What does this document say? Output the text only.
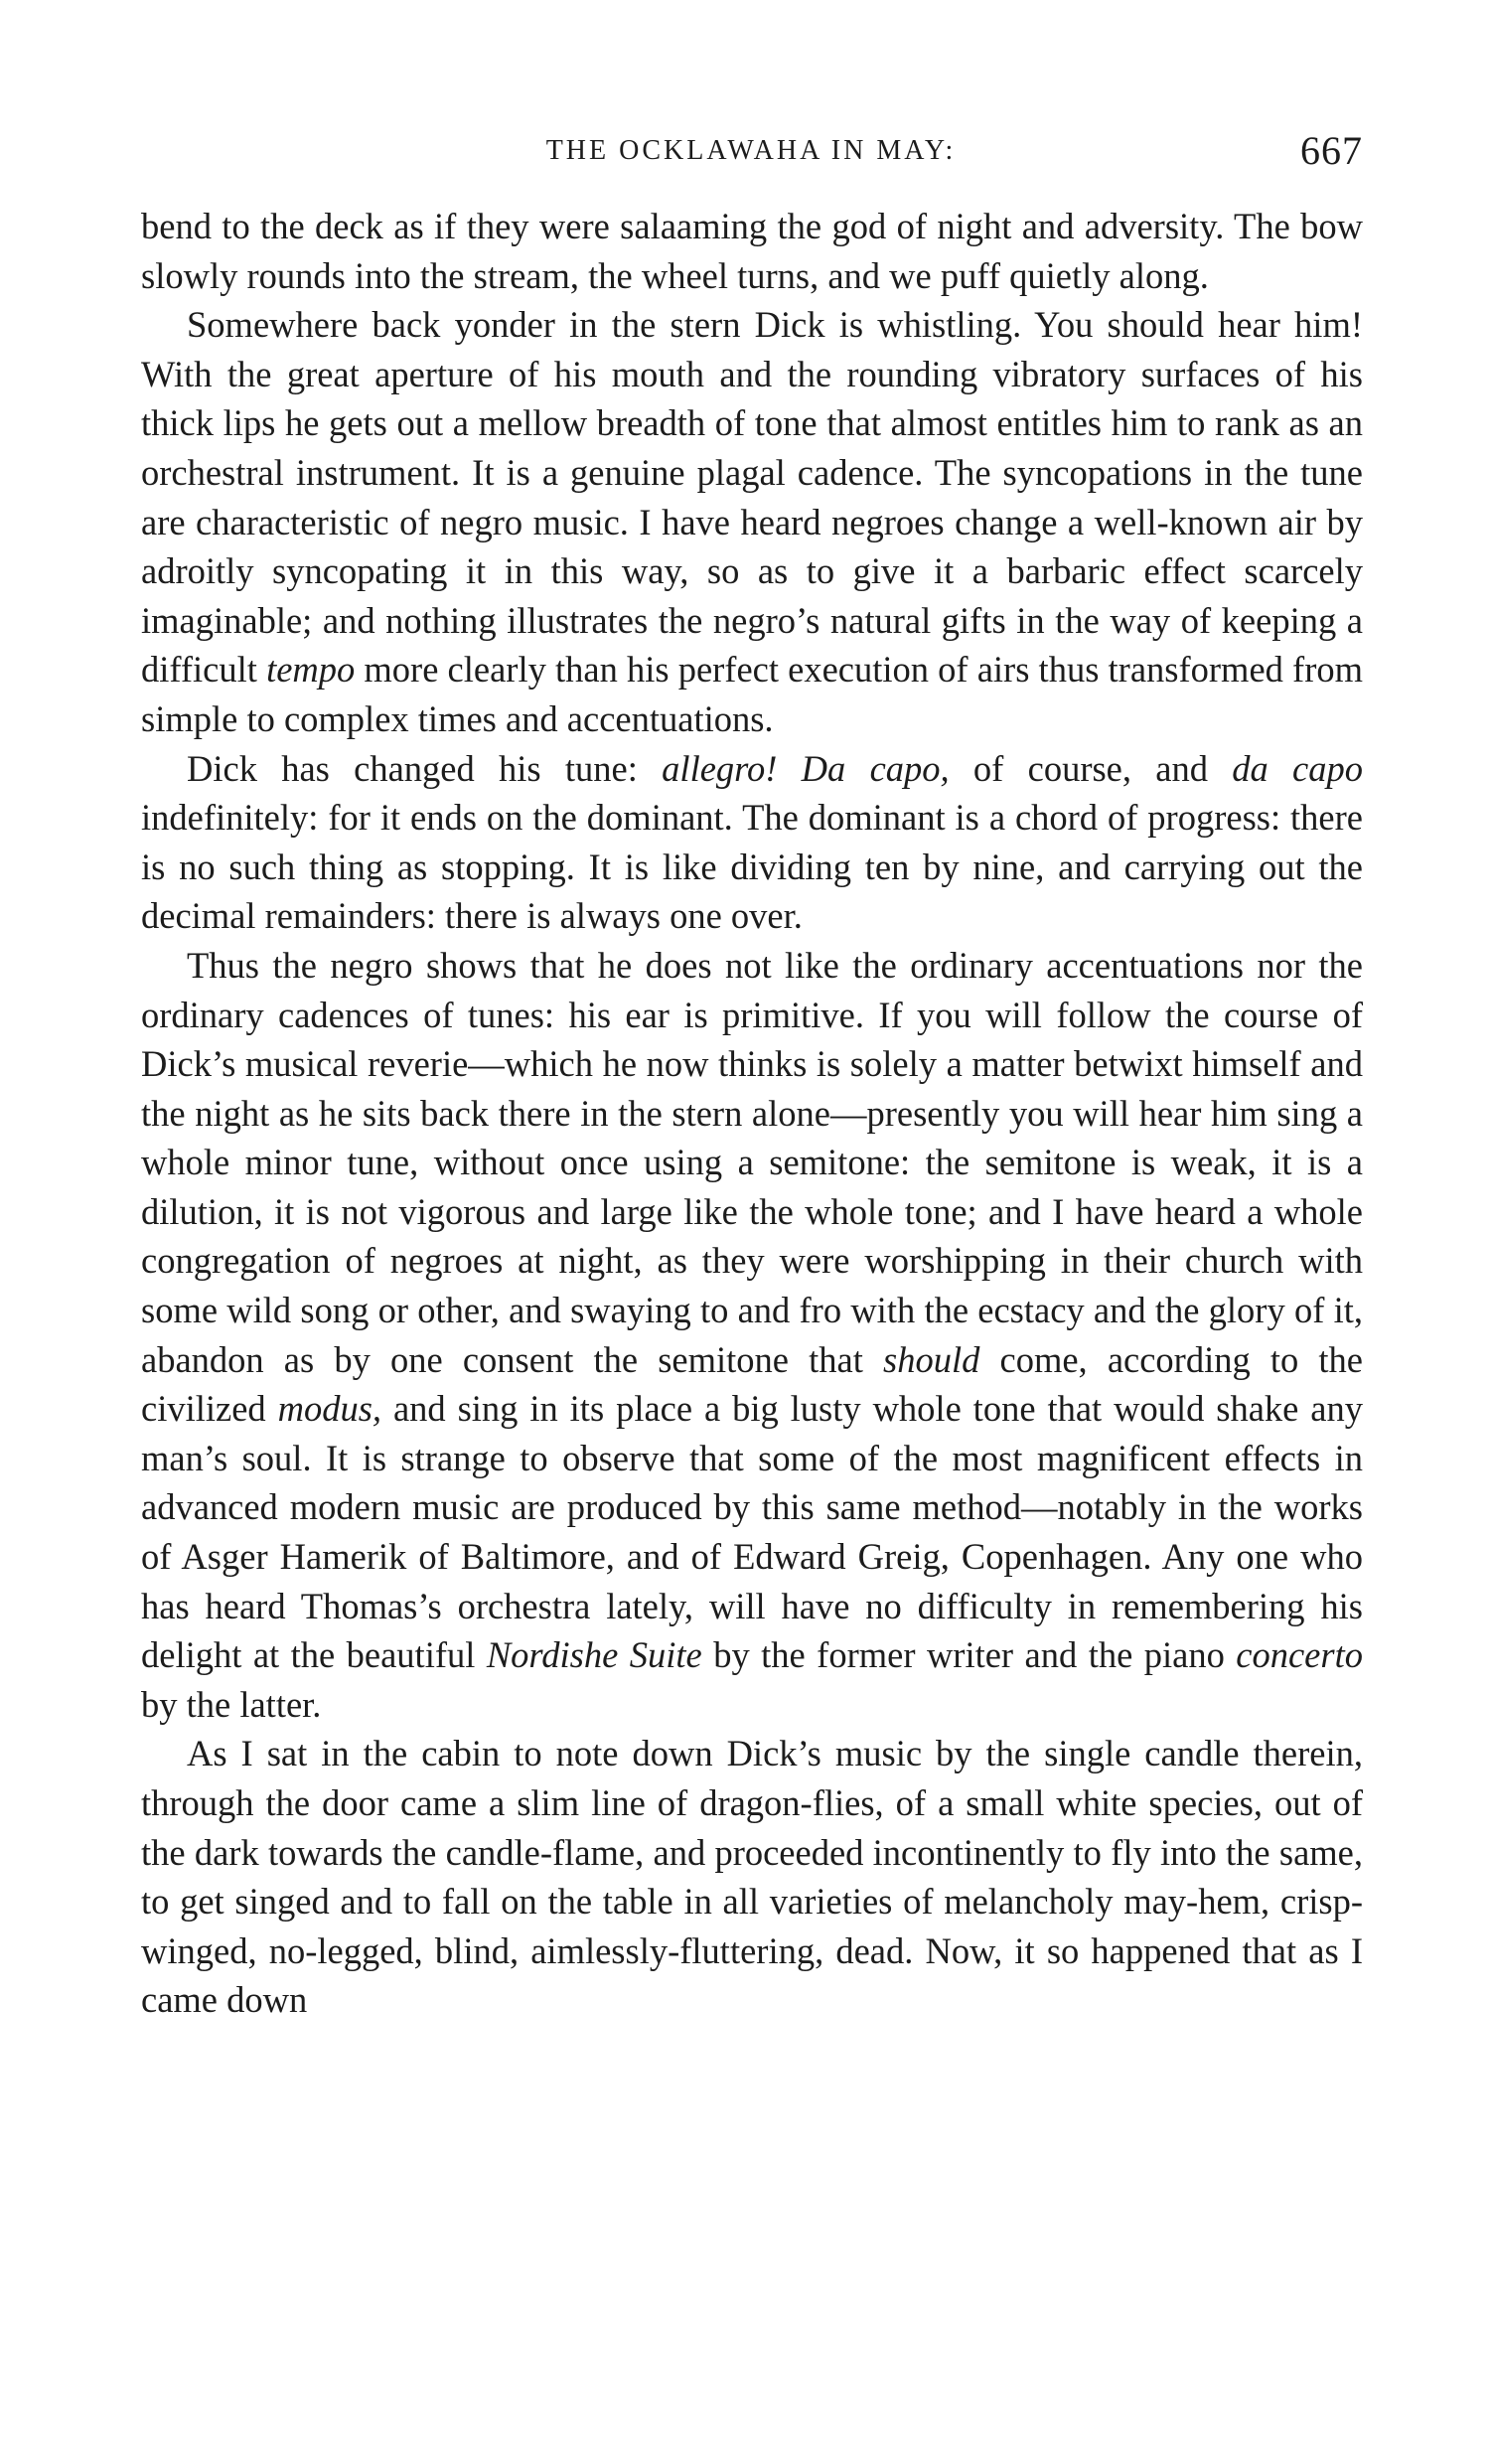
THE OCKLAWAHA IN MAY:	667

bend to the deck as if they were salaaming the god of night and adversity. The bow slowly rounds into the stream, the wheel turns, and we puff quietly along.

Somewhere back yonder in the stern Dick is whistling. You should hear him! With the great aperture of his mouth and the rounding vibratory surfaces of his thick lips he gets out a mellow breadth of tone that almost entitles him to rank as an orchestral instrument. It is a genuine plagal cadence. The syncopations in the tune are characteristic of negro music. I have heard negroes change a well-known air by adroitly syncopating it in this way, so as to give it a barbaric effect scarcely imaginable; and nothing illustrates the negro’s natural gifts in the way of keeping a difficult tempo more clearly than his perfect execution of airs thus transformed from simple to complex times and accentuations.

Dick has changed his tune: allegro! Da capo, of course, and da capo indefinitely: for it ends on the dominant. The dominant is a chord of progress: there is no such thing as stopping. It is like dividing ten by nine, and carrying out the decimal remainders: there is always one over.

Thus the negro shows that he does not like the ordinary accentuations nor the ordinary cadences of tunes: his ear is primitive. If you will follow the course of Dick’s musical reverie—which he now thinks is solely a matter betwixt himself and the night as he sits back there in the stern alone—presently you will hear him sing a whole minor tune, without once using a semitone: the semitone is weak, it is a dilution, it is not vigorous and large like the whole tone; and I have heard a whole congregation of negroes at night, as they were worshipping in their church with some wild song or other, and swaying to and fro with the ecstacy and the glory of it, abandon as by one consent the semitone that should come, according to the civilized modus, and sing in its place a big lusty whole tone that would shake any man’s soul. It is strange to observe that some of the most magnificent effects in advanced modern music are produced by this same method—notably in the works of Asger Hamerik of Baltimore, and of Edward Greig, Copenhagen. Any one who has heard Thomas’s orchestra lately, will have no difficulty in remembering his delight at the beautiful Nordishe Suite by the former writer and the piano concerto by the latter.

As I sat in the cabin to note down Dick’s music by the single candle therein, through the door came a slim line of dragon-flies, of a small white species, out of the dark towards the candle-flame, and proceeded incontinently to fly into the same, to get singed and to fall on the table in all varieties of melancholy may-hem, crisp-winged, no-legged, blind, aimlessly-fluttering, dead. Now, it so happened that as I came down
